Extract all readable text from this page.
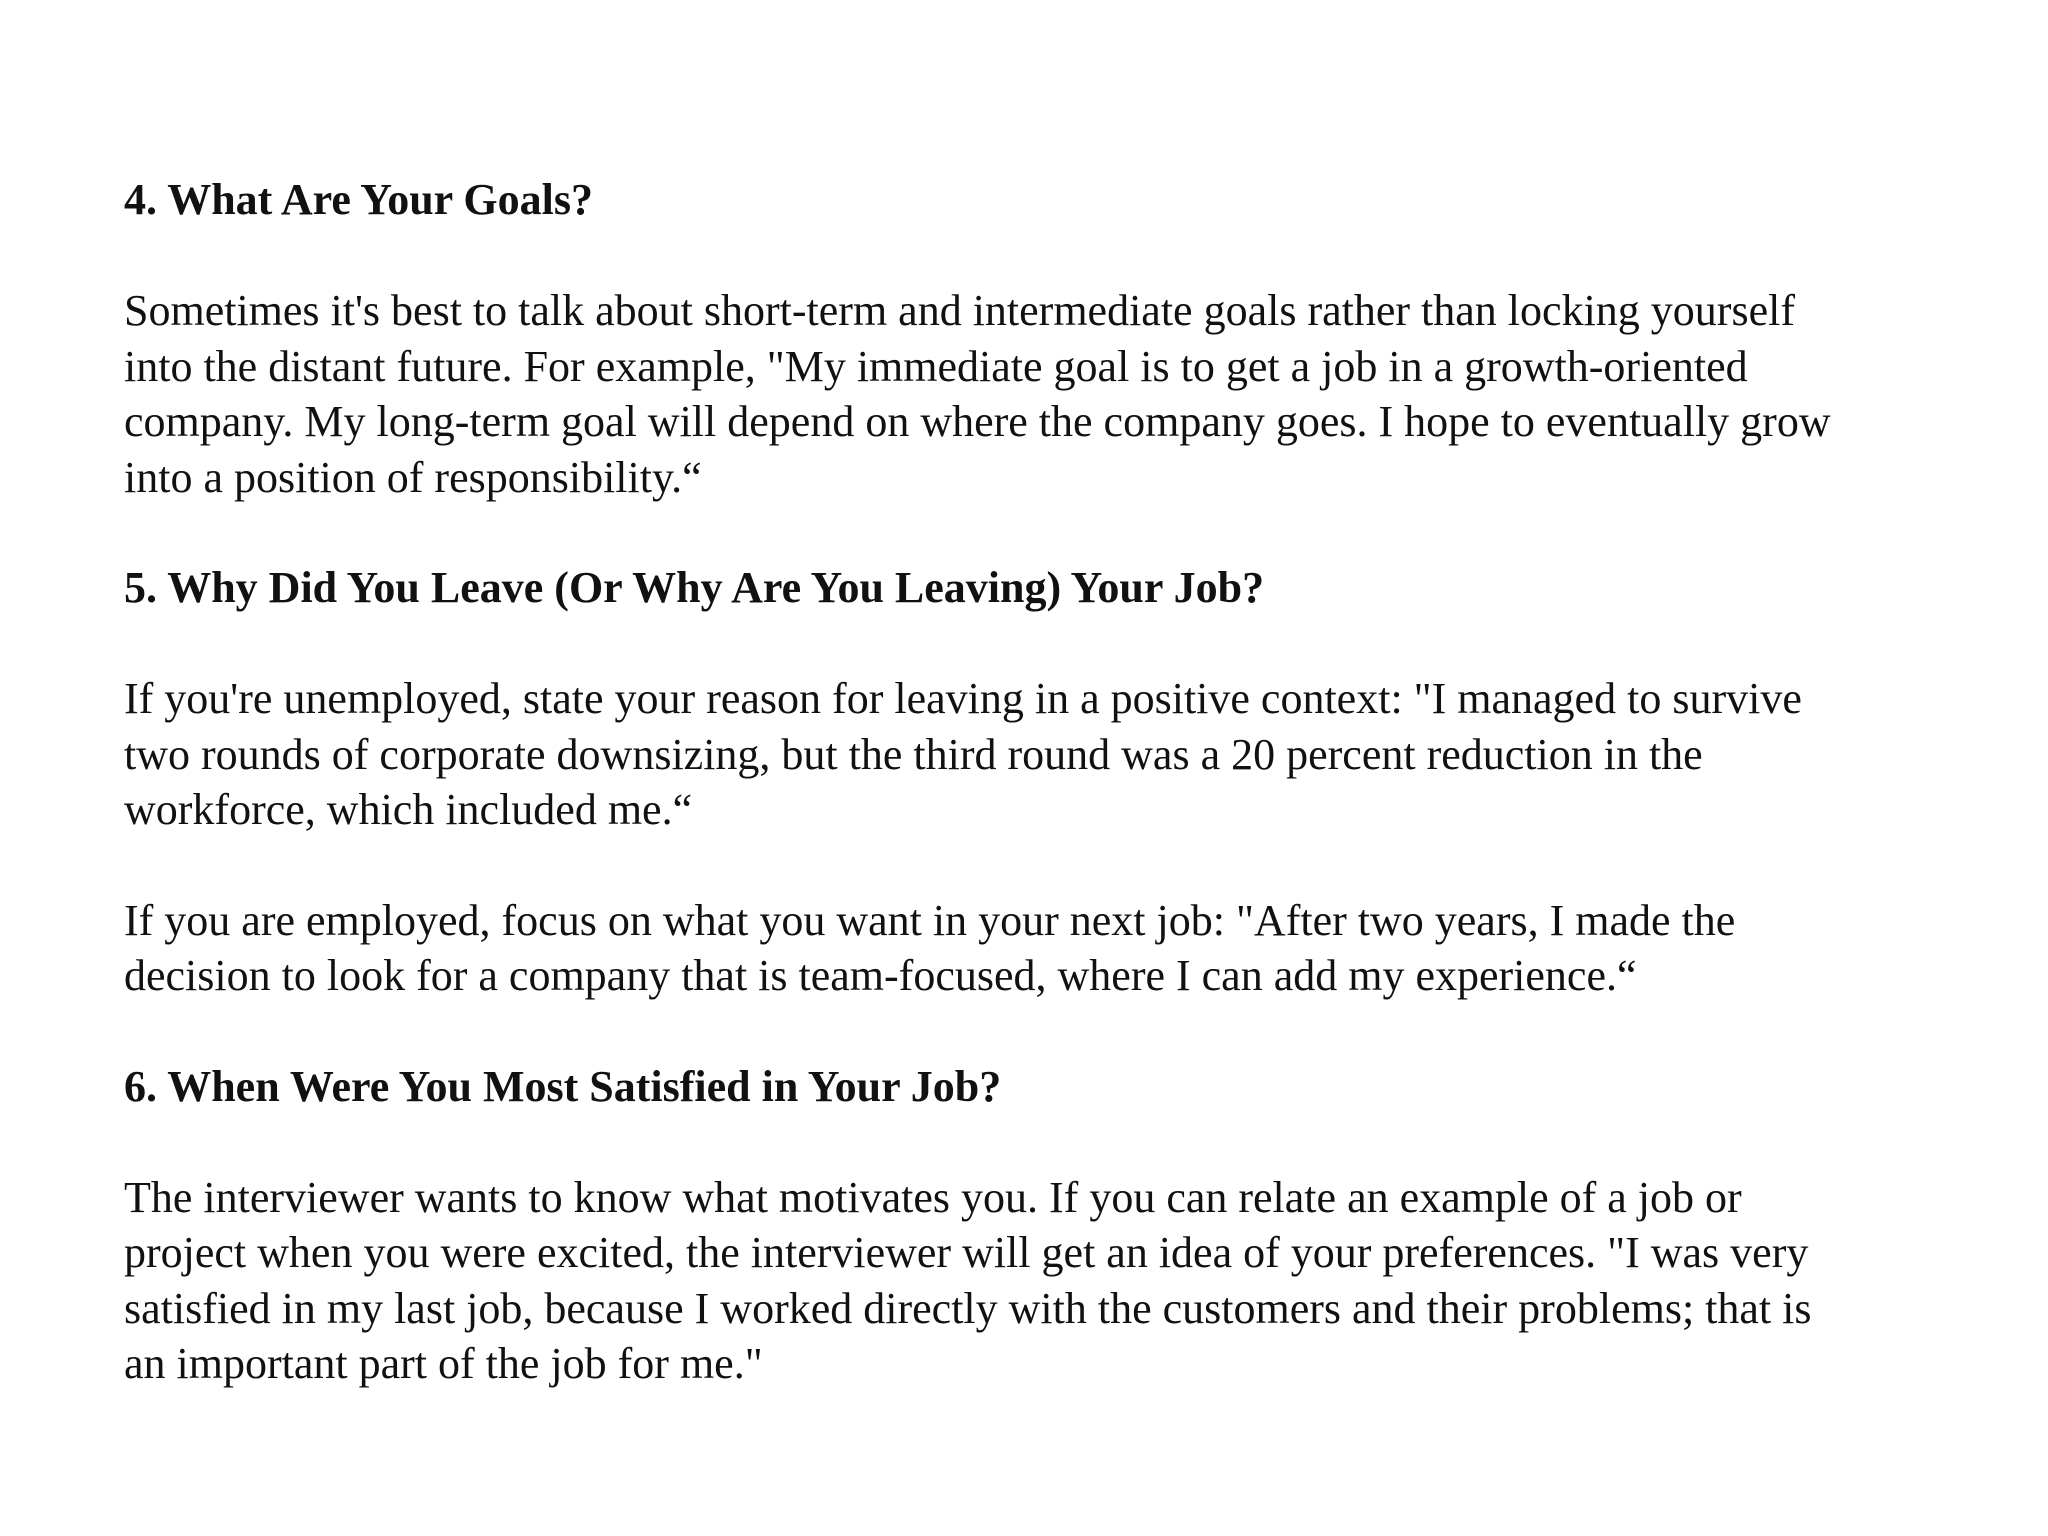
4. What Are Your Goals?
Sometimes it's best to talk about short-term and intermediate goals rather than locking yourself
into the distant future. For example, "My immediate goal is to get a job in a growth-oriented
company. My long-term goal will depend on where the company goes. I hope to eventually grow
into a position of responsibility.“
5. Why Did You Leave (Or Why Are You Leaving) Your Job?
If you're unemployed, state your reason for leaving in a positive context: "I managed to survive
two rounds of corporate downsizing, but the third round was a 20 percent reduction in the
workforce, which included me.“
If you are employed, focus on what you want in your next job: "After two years, I made the
decision to look for a company that is team-focused, where I can add my experience.“
6. When Were You Most Satisfied in Your Job?
The interviewer wants to know what motivates you. If you can relate an example of a job or
project when you were excited, the interviewer will get an idea of your preferences. "I was very
satisfied in my last job, because I worked directly with the customers and their problems; that is
an important part of the job for me."
